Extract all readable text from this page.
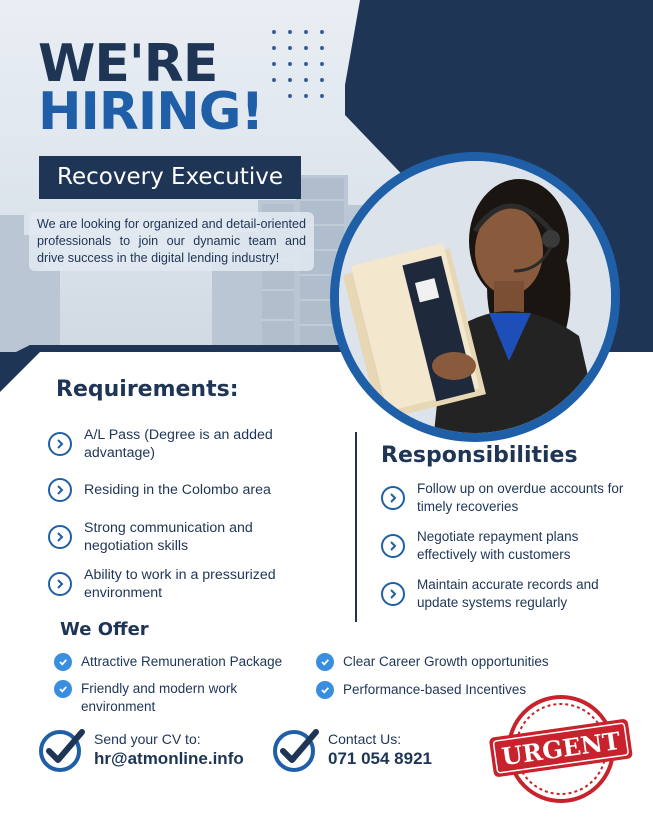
WE'RE
HIRING!
Recovery Executive
We are looking for organized and detail-oriented professionals to join our dynamic team and drive success in the digital lending industry!
Requirements:
A/L Pass (Degree is an added advantage)
Residing in the Colombo area
Strong communication and negotiation skills
Ability to work in a pressurized environment
Responsibilities
Follow up on overdue accounts for timely recoveries
Negotiate repayment plans effectively with customers
Maintain accurate records and update systems regularly
We Offer
Attractive Remuneration Package	Clear Career Growth opportunities
Friendly and modern work environment
Performance-based Incentives
Send your CV to:
hr@atmonline.info
Contact Us:
071 054 8921	URGENT
